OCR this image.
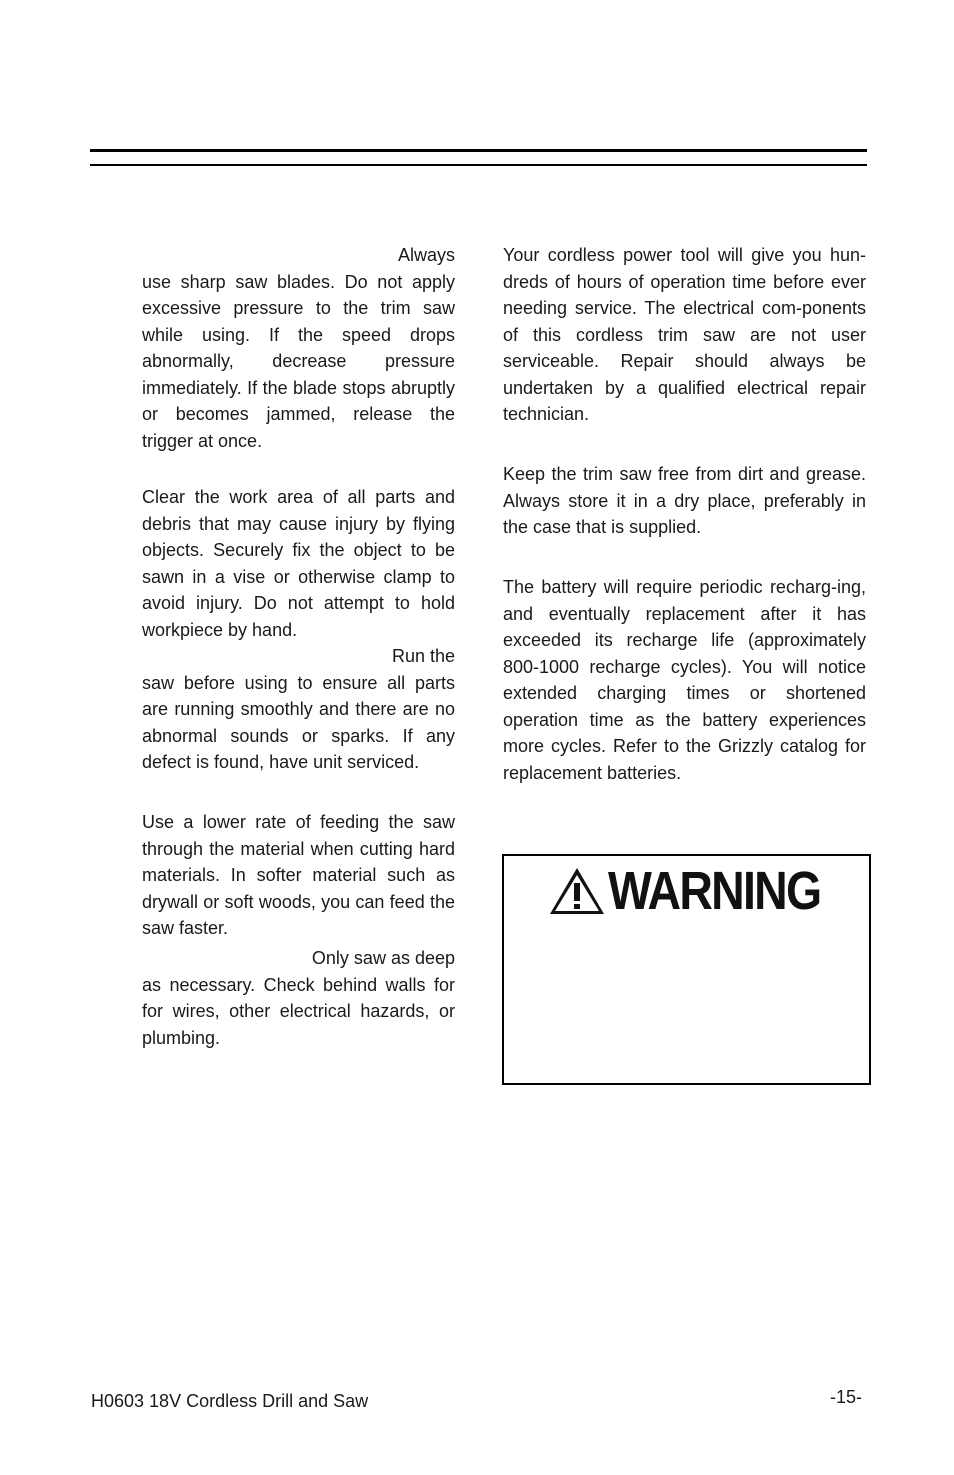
Always

use sharp saw blades. Do not apply excessive pressure to the trim saw while using. If the speed drops abnormally, decrease pressure immediately. If the blade stops abruptly or becomes jammed, release the trigger at once.

Clear the work area of all parts and debris that may cause injury by flying objects. Securely fix the object to be sawn in a vise or otherwise clamp to avoid injury. Do not attempt to hold workpiece by hand.

Run the

saw before using to ensure all parts are running smoothly and there are no abnormal sounds or sparks. If any defect is found, have unit serviced.

Use a lower rate of feeding the saw through the material when cutting hard materials. In softer material such as drywall or soft woods, you can feed the saw faster.

Only saw as deep

as necessary. Check behind walls for for wires, other electrical hazards, or plumbing.

Your cordless power tool will give you hun-dreds of hours of operation time before ever needing service. The electrical com-ponents of this cordless trim saw are not user serviceable. Repair should always be undertaken by a qualified electrical repair technician.

Keep the trim saw free from dirt and grease. Always store it in a dry place, preferably in the case that is supplied.

The battery will require periodic recharg-ing, and eventually replacement after it has exceeded its recharge life (approximately 800-1000 recharge cycles). You will notice extended charging times or shortened operation time as the battery experiences more cycles. Refer to the Grizzly catalog for replacement batteries.

WARNING
H0603 18V Cordless Drill and Saw	-15-
